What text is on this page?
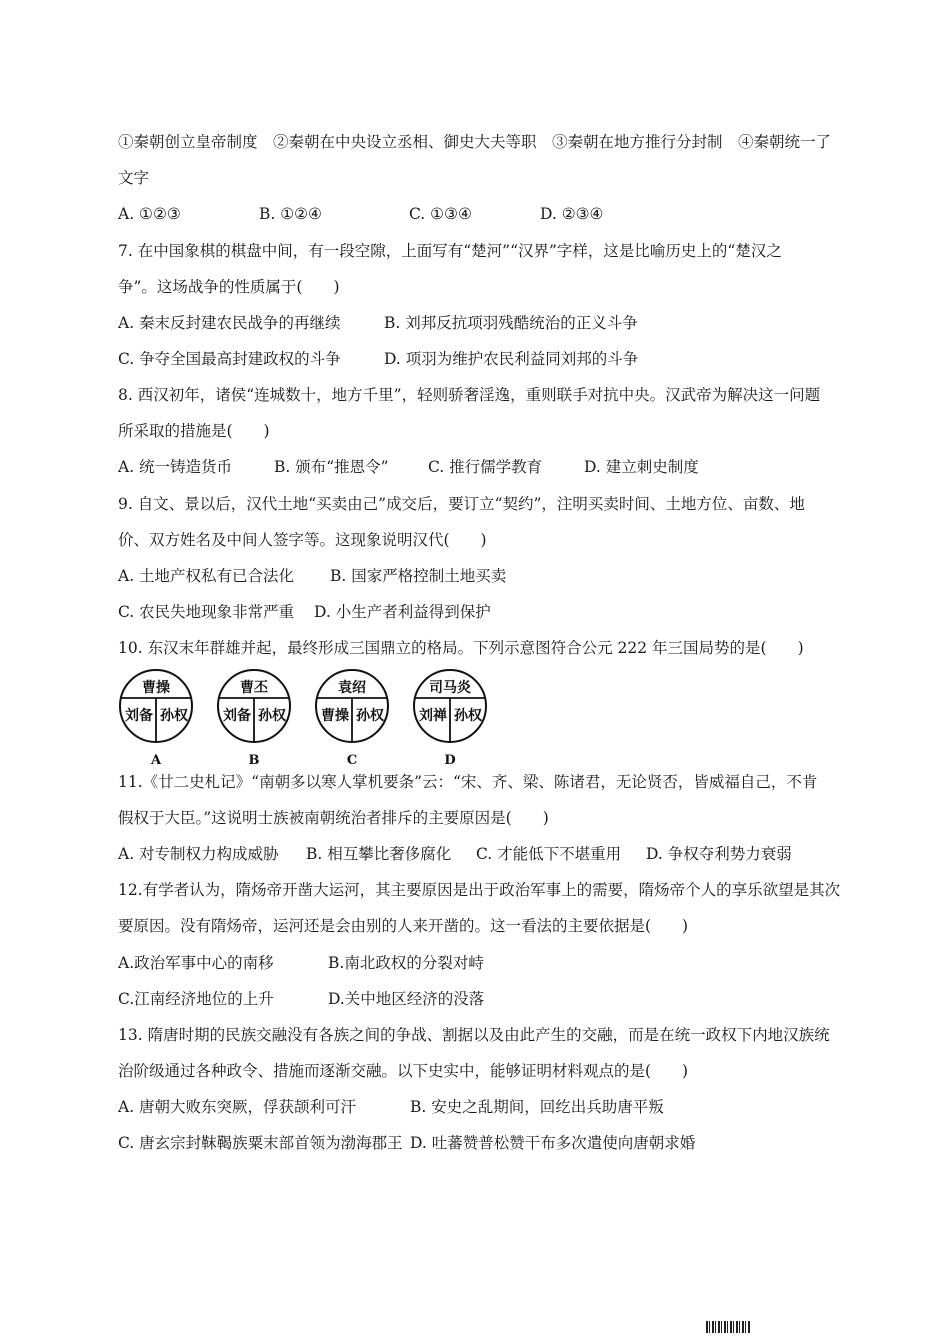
①秦朝创立皇帝制度　②秦朝在中央设立丞相、御史大夫等职　③秦朝在地方推行分封制　④秦朝统一了
文字
A. ①②③	B. ①②④	C. ①③④	D. ②③④
7. 在中国象棋的棋盘中间，有一段空隙，上面写有“楚河”“汉界”字样，这是比喻历史上的“楚汉之
争”。这场战争的性质属于(　　)
A. 秦末反封建农民战争的再继续	B. 刘邦反抗项羽残酷统治的正义斗争
C. 争夺全国最高封建政权的斗争	D. 项羽为维护农民利益同刘邦的斗争
8. 西汉初年，诸侯“连城数十，地方千里”，轻则骄奢淫逸，重则联手对抗中央。汉武帝为解决这一问题
所采取的措施是(　　)
A. 统一铸造货币	B. 颁布“推恩令”	C. 推行儒学教育	D. 建立刺史制度
9. 自文、景以后，汉代土地“买卖由己”成交后，要订立“契约”，注明买卖时间、土地方位、亩数、地
价、双方姓名及中间人签字等。这现象说明汉代(　　)
A. 土地产权私有已合法化 B. 国家严格控制土地买卖
C. 农民失地现象非常严重 D. 小生产者利益得到保护
10. 东汉末年群雄并起，最终形成三国鼎立的格局。下列示意图符合公元 222 年三国局势的是(　　)
曹操
刘备 孙权
A
曹丕
刘备 孙权
B
袁绍
曹操 孙权
C
司马炎
刘禅 孙权
D
11.《廿二史札记》“南朝多以寒人掌机要条”云：“宋、齐、梁、陈诸君，无论贤否，皆威福自己，不肯
假权于大臣。”这说明士族被南朝统治者排斥的主要原因是(　　)
A. 对专制权力构成威胁 B. 相互攀比奢侈腐化 C. 才能低下不堪重用 D. 争权夺利势力衰弱
12.有学者认为，隋炀帝开凿大运河，其主要原因是出于政治军事上的需要，隋炀帝个人的享乐欲望是其次
要原因。没有隋炀帝，运河还是会由别的人来开凿的。这一看法的主要依据是(　　)
A.政治军事中心的南移	B.南北政权的分裂对峙
C.江南经济地位的上升	D.关中地区经济的没落
13. 隋唐时期的民族交融没有各族之间的争战、割据以及由此产生的交融，而是在统一政权下内地汉族统
治阶级通过各种政令、措施而逐渐交融。以下史实中，能够证明材料观点的是(　　)
A. 唐朝大败东突厥，俘获颉利可汗	B. 安史之乱期间，回纥出兵助唐平叛
C. 唐玄宗封靺鞨族粟末部首领为渤海郡王 D. 吐蕃赞普松赞干布多次遣使向唐朝求婚
